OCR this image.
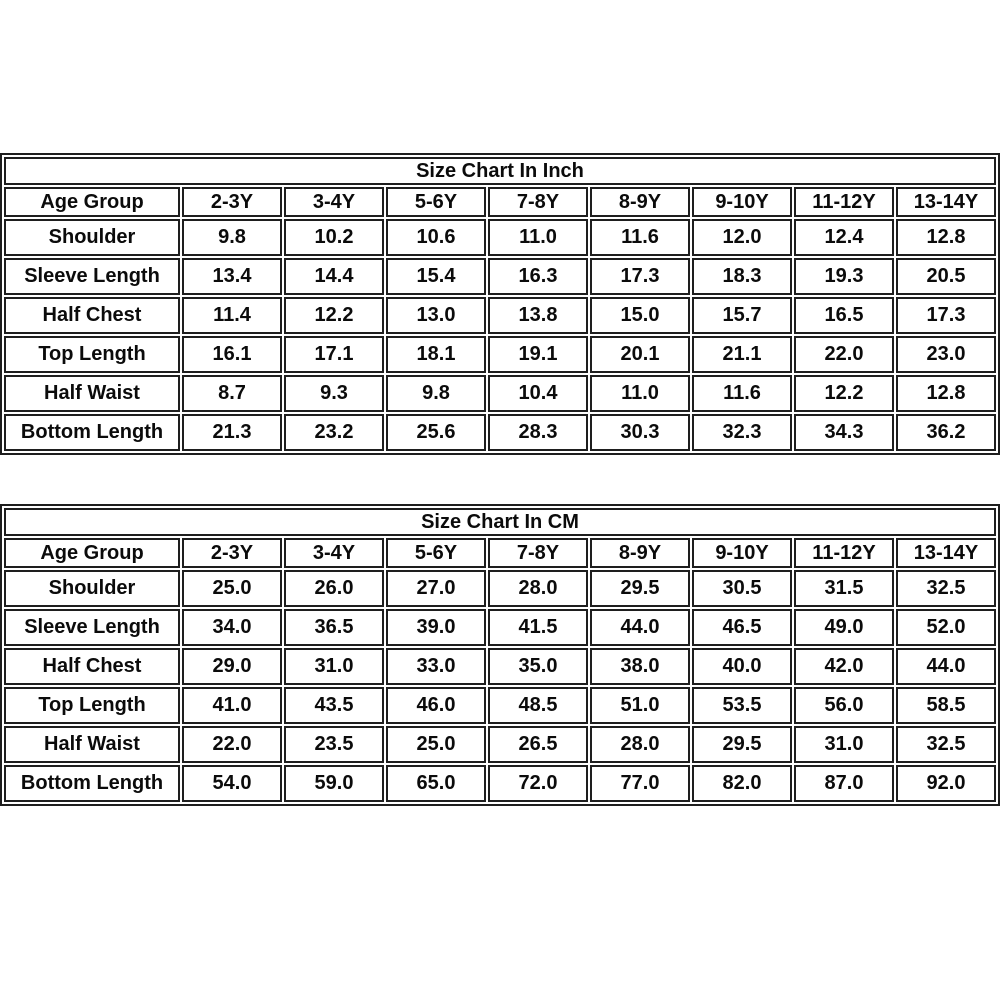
Size Chart In Inch								
Age Group	2-3Y	3-4Y	5-6Y	7-8Y	8-9Y	9-10Y	11-12Y	13-14Y
Shoulder	9.8	10.2	10.6	11.0	11.6	12.0	12.4	12.8
Sleeve Length	13.4	14.4	15.4	16.3	17.3	18.3	19.3	20.5
Half Chest	11.4	12.2	13.0	13.8	15.0	15.7	16.5	17.3
Top Length	16.1	17.1	18.1	19.1	20.1	21.1	22.0	23.0
Half Waist	8.7	9.3	9.8	10.4	11.0	11.6	12.2	12.8
Bottom Length	21.3	23.2	25.6	28.3	30.3	32.3	34.3	36.2
Size Chart In CM								
Age Group	2-3Y	3-4Y	5-6Y	7-8Y	8-9Y	9-10Y	11-12Y	13-14Y
Shoulder	25.0	26.0	27.0	28.0	29.5	30.5	31.5	32.5
Sleeve Length	34.0	36.5	39.0	41.5	44.0	46.5	49.0	52.0
Half Chest	29.0	31.0	33.0	35.0	38.0	40.0	42.0	44.0
Top Length	41.0	43.5	46.0	48.5	51.0	53.5	56.0	58.5
Half Waist	22.0	23.5	25.0	26.5	28.0	29.5	31.0	32.5
Bottom Length	54.0	59.0	65.0	72.0	77.0	82.0	87.0	92.0
